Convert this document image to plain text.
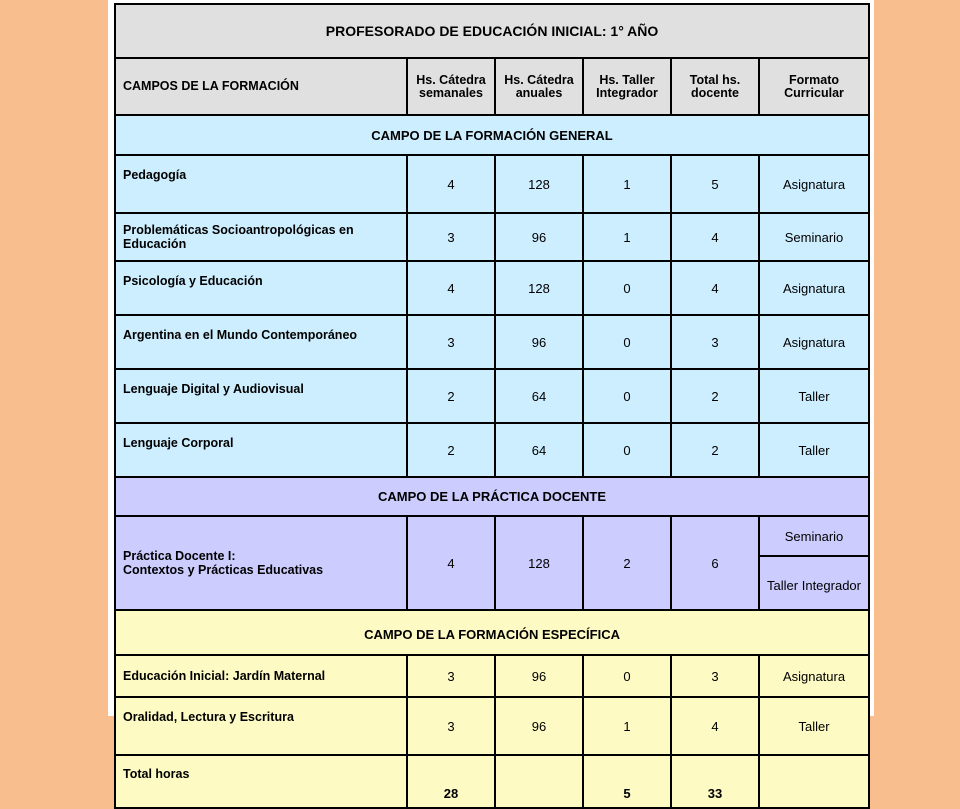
PROFESORADO DE EDUCACIÓN INICIAL: 1° AÑO					
CAMPOS DE LA FORMACIÓN	Hs. Cátedra semanales	Hs. Cátedra anuales	Hs. Taller Integrador	Total hs. docente	Formato Curricular
CAMPO DE LA FORMACIÓN GENERAL					
Pedagogía	4	128	1	5	Asignatura
Problemáticas Socioantropológicas en Educación	3	96	1	4	Seminario
Psicología y Educación	4	128	0	4	Asignatura
Argentina en el Mundo Contemporáneo	3	96	0	3	Asignatura
Lenguaje Digital y Audiovisual	2	64	0	2	Taller
Lenguaje Corporal	2	64	0	2	Taller
CAMPO DE LA PRÁCTICA DOCENTE					
Práctica Docente I:
Contextos y Prácticas Educativas	4	128	2	6	Seminario
					Taller Integrador
CAMPO DE LA FORMACIÓN ESPECÍFICA					
Educación Inicial: Jardín Maternal	3	96	0	3	Asignatura
Oralidad, Lectura y Escritura	3	96	1	4	Taller
Total horas	28		5	33	
